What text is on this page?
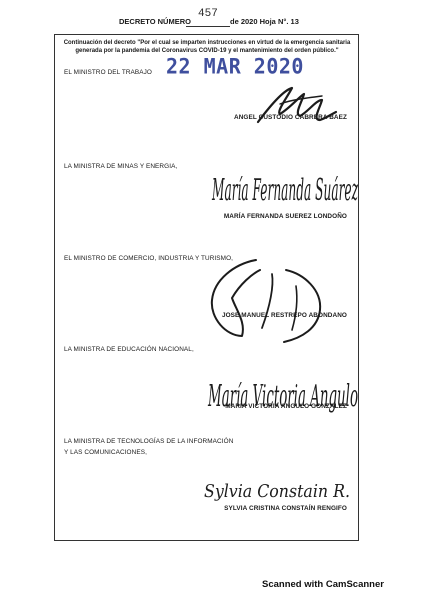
DECRETO NÚMERO
457
de 2020 Hoja N°. 13
Continuación del decreto "Por el cual se imparten instrucciones en virtud de la emergencia sanitaria generada por la pandemia del Coronavirus COVID-19 y el mantenimiento del orden público."
EL MINISTRO DEL TRABAJO 22 MAR 2020
ANGEL CUSTODIO CABRERA BAEZ
LA MINISTRA DE MINAS Y ENERGIA,
María Fernanda Suárez
MARÍA FERNANDA SUEREZ LONDOÑO
EL MINISTRO DE COMERCIO, INDUSTRIA Y TURISMO,
JOSE MANUEL RESTREPO ABONDANO
LA MINISTRA DE EDUCACIÓN NACIONAL,
María Victoria Angulo
MARIA VICTORIA ANGULO GONZALEZ
LA MINISTRA DE TECNOLOGÍAS DE LA INFORMACIÓN
Y LAS COMUNICACIONES,
Sylvia Constain R.
SYLVIA CRISTINA CONSTAÍN RENGIFO
Scanned with CamScanner
